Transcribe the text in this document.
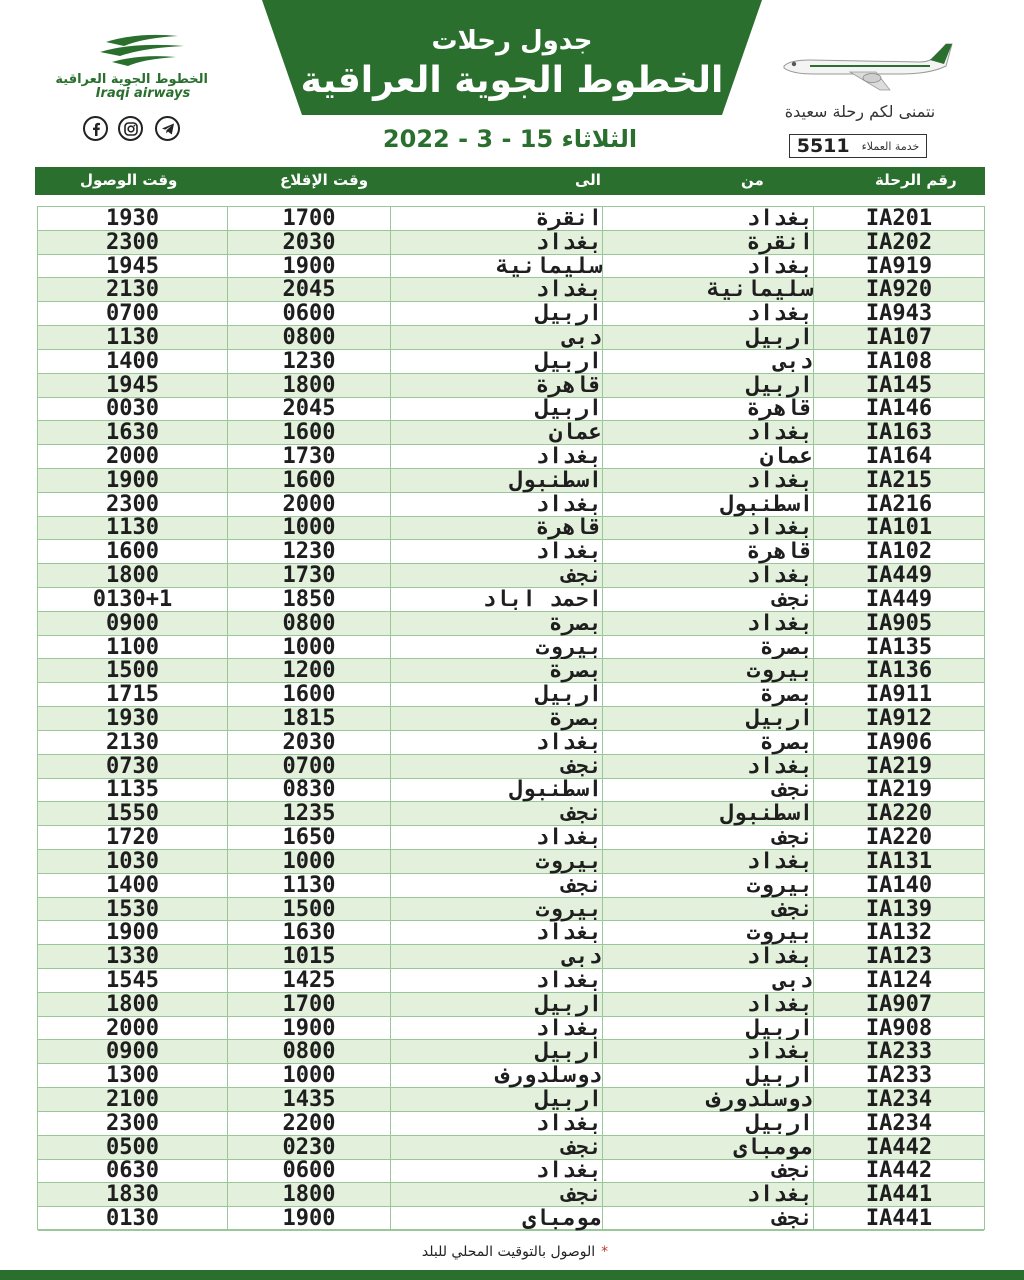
جدول رحلات
الخطوط الجوية العراقية
الثلاثاء 15 - 3 - 2022
الخطوط الجوية العراقية
Iraqi airways
نتمنى لكم رحلة سعيدة
5511 خدمة العملاء
وقت الوصول	وقت الإقلاع	الى	من	رقم الرحلة
1930	1700	انقرة	بغداد	IA201
2300	2030	بغداد	انقرة	IA202
1945	1900	سليمانية	بغداد	IA919
2130	2045	بغداد	سليمانية	IA920
0700	0600	اربيل	بغداد	IA943
1130	0800	دبى	اربيل	IA107
1400	1230	اربيل	دبى	IA108
1945	1800	قاهرة	اربيل	IA145
0030	2045	اربيل	قاهرة	IA146
1630	1600	عمان	بغداد	IA163
2000	1730	بغداد	عمان	IA164
1900	1600	اسطنبول	بغداد	IA215
2300	2000	بغداد	اسطنبول	IA216
1130	1000	قاهرة	بغداد	IA101
1600	1230	بغداد	قاهرة	IA102
1800	1730	نجف	بغداد	IA449
0130+1	1850	احمد اباد	نجف	IA449
0900	0800	بصرة	بغداد	IA905
1100	1000	بيروت	بصرة	IA135
1500	1200	بصرة	بيروت	IA136
1715	1600	اربيل	بصرة	IA911
1930	1815	بصرة	اربيل	IA912
2130	2030	بغداد	بصرة	IA906
0730	0700	نجف	بغداد	IA219
1135	0830	اسطنبول	نجف	IA219
1550	1235	نجف	اسطنبول	IA220
1720	1650	بغداد	نجف	IA220
1030	1000	بيروت	بغداد	IA131
1400	1130	نجف	بيروت	IA140
1530	1500	بيروت	نجف	IA139
1900	1630	بغداد	بيروت	IA132
1330	1015	دبى	بغداد	IA123
1545	1425	بغداد	دبى	IA124
1800	1700	اربيل	بغداد	IA907
2000	1900	بغداد	اربيل	IA908
0900	0800	اربيل	بغداد	IA233
1300	1000	دوسلدورف	اربيل	IA233
2100	1435	اربيل	دوسلدورف	IA234
2300	2200	بغداد	اربيل	IA234
0500	0230	نجف	مومباى	IA442
0630	0600	بغداد	نجف	IA442
1830	1800	نجف	بغداد	IA441
0130	1900	مومباى	نجف	IA441
*الوصول بالتوقيت المحلي للبلد
